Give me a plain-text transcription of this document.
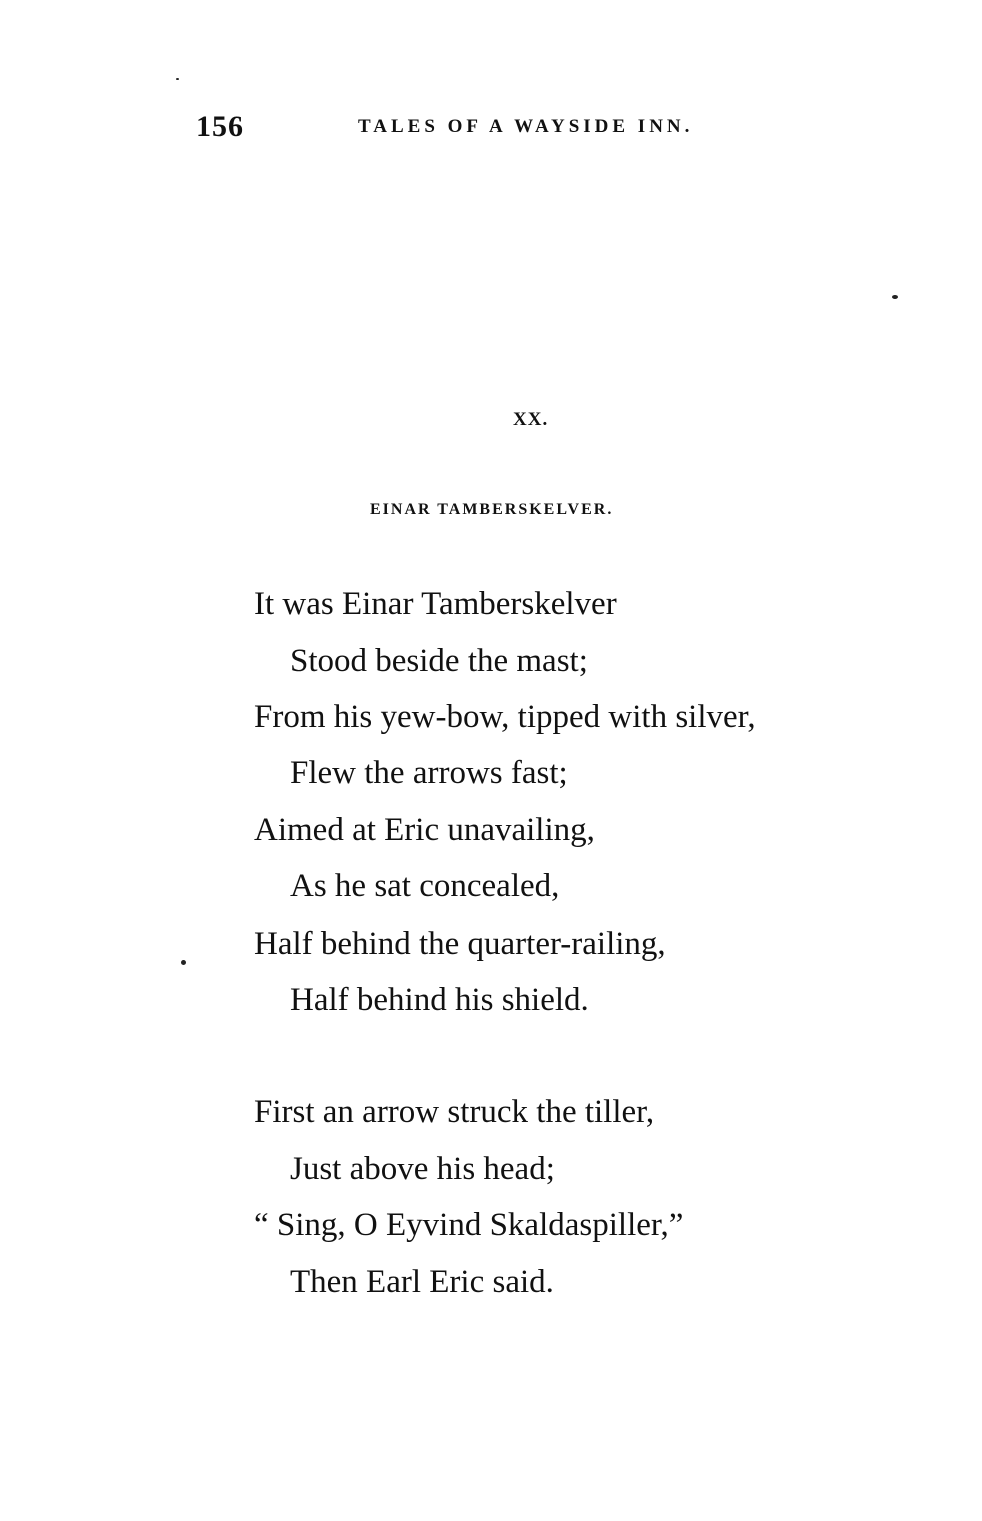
156	TALES OF A WAYSIDE INN.
XX.
EINAR TAMBERSKELVER.
It was Einar Tamberskelver
Stood beside the mast;
From his yew-bow, tipped with silver,
Flew the arrows fast;
Aimed at Eric unavailing,
As he sat concealed,
Half behind the quarter-railing,
Half behind his shield.
First an arrow struck the tiller,
Just above his head;
“ Sing, O Eyvind Skaldaspiller,”
Then Earl Eric said.
